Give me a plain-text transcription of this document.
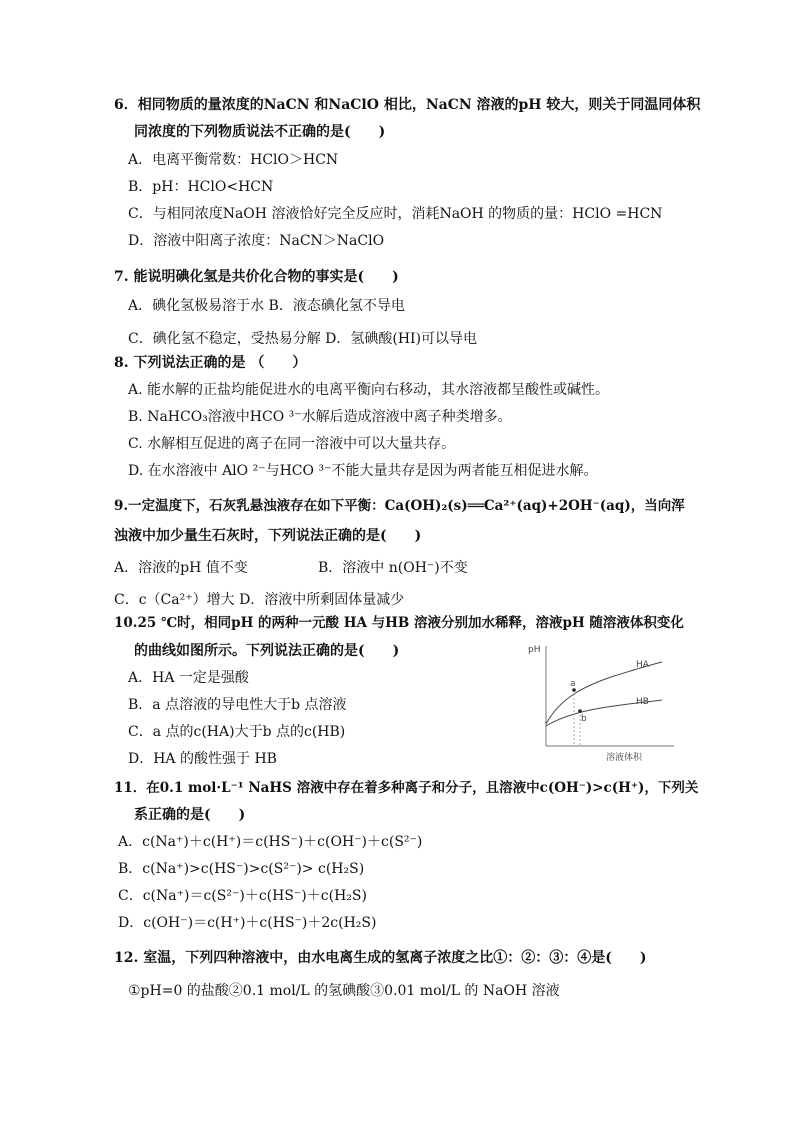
6．相同物质的量浓度的NaCN 和NaClO 相比，NaCN 溶液的pH 较大，则关于同温同体积
同浓度的下列物质说法不正确的是(　　)
A．电离平衡常数：HClO＞HCN
B．pH：HClO<HCN
C．与相同浓度NaOH 溶液恰好完全反应时，消耗NaOH 的物质的量：HClO =HCN
D．溶液中阳离子浓度：NaCN＞NaClO
7. 能说明碘化氢是共价化合物的事实是(　　)
A．碘化氢极易溶于水 B．液态碘化氢不导电
C．碘化氢不稳定，受热易分解 D．氢碘酸(HI)可以导电
8. 下列说法正确的是 （　　）
A. 能水解的正盐均能促进水的电离平衡向右移动，其水溶液都呈酸性或碱性。
B. NaHCO₃溶液中HCO ³⁻水解后造成溶液中离子种类增多。
C. 水解相互促进的离子在同一溶液中可以大量共存。
D. 在水溶液中 AlO ²⁻与HCO ³⁻不能大量共存是因为两者能互相促进水解。
9.一定温度下，石灰乳悬浊液存在如下平衡：Ca(OH)₂(s)══Ca²⁺(aq)+2OH⁻(aq)，当向浑
浊液中加少量生石灰时，下列说法正确的是(　　)
A．溶液的pH 值不变	B．溶液中 n(OH⁻)不变
C．c（Ca²⁺）增大 D．溶液中所剩固体量减少
10.25 ℃时，相同pH 的两种一元酸 HA 与HB 溶液分别加水稀释，溶液pH 随溶液体积变化
的曲线如图所示。下列说法正确的是(　　)
A．HA 一定是强酸
B．a 点溶液的导电性大于b 点溶液
C．a 点的c(HA)大于b 点的c(HB)
D．HA 的酸性强于 HB
pH
溶液体积
HA
HB
a
b
11．在0.1 mol·L⁻¹ NaHS 溶液中存在着多种离子和分子，且溶液中c(OH⁻)>c(H⁺)，下列关
系正确的是(　　)
A．c(Na⁺)＋c(H⁺)＝c(HS⁻)＋c(OH⁻)＋c(S²⁻)
B．c(Na⁺)>c(HS⁻)>c(S²⁻)> c(H₂S)
C．c(Na⁺)＝c(S²⁻)＋c(HS⁻)＋c(H₂S)
D．c(OH⁻)＝c(H⁺)＋c(HS⁻)＋2c(H₂S)
12. 室温，下列四种溶液中，由水电离生成的氢离子浓度之比①：②：③：④是(　　)
①pH=0 的盐酸②0.1 mol/L 的氢碘酸③0.01 mol/L 的 NaOH 溶液
